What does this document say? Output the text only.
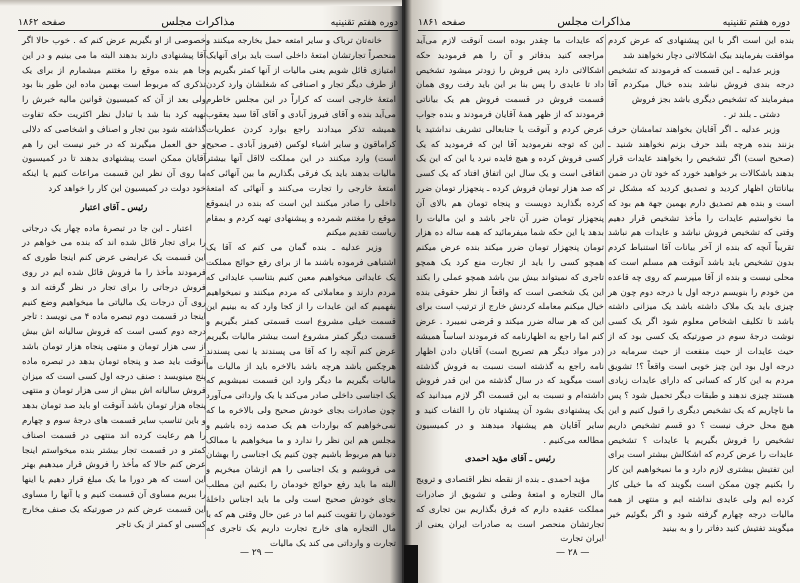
دوره هفتم تقنینیه
مذاکرات مجلس
صفحه ۱۸۶۲

خانه‌تان ترباک و سایر امتعه حمل بخارجه میکنند و منحصراً تجارتشان امتعهٔ داخلی است باید برای آنهایک امتیازی قائل شویم یعنی مالیات از آنها کمتر بگیریم و از طرف دیگر تجار و اصنافی که شغلشان وارد کردن امتعهٔ خارجی است که کراراً در این مجلس خاطرم می‌آید بنده و آقای فیروز آبادی و آقای آقا سید یعقوب همیشه تذکر میدادند راجع بوارد کردن عطریات کراماقون و سایر اشیاء لوکس (فیروز آبادی ـ صحیح است) وارد میکنند در این مملکت لااقل آنها بیشتر مالیات بدهند باید یک فرقی بگذاریم ما بین آنهائی که امتعهٔ خارجی را تجارت می‌کنند و آنهائی که امتعهٔ داخلی را صادر میکنند این است که بنده در اینموقع موقع را مغتنم شمرده و پیشنهادی تهیه کردم و بمقام ریاست تقدیم میکنم

وزیر عدلیه ـ بنده گمان می کنم که آقا یک اشتباهی فرموده باشند ما از برای رفع حوائج مملکت یک عایداتی میخواهیم معین کنیم بتناسب عایداتی که مردم دارند و معاملاتی که مردم میکنند و نمیخواهیم بفهمیم که این عایدات را از کجا وارد که به بینیم این قسمت خیلی مشروع است قسمتی کمتر بگیریم و قسمت دیگر کمتر مشروع است بیشتر مالیات بگیریم عرض کنم آنچه را که آقا می پسندند یا نمی پسندند هرچکس باشد هرچه باشد بالاخره باید از مالیات ما مالیات بگیریم ما دیگر وارد این قسمت نمیشویم که یک اجناسی داخلی صادر می‌کند یا یک وارداتی می‌آورد چون صادرات بجای خودش صحیح ولی بالاخره ما که نمی‌خواهیم که بواردات هم یک صدمه زده باشیم و مجلس هم این نظر را ندارد و ما میخواهیم با ممالک دنیا هم مربوط باشیم چون کنیم یک اجناسی را بهشان می فروشیم و یک اجناسی را هم ازشان میخریم و البته ما باید رفع حوائج خودمان را بکنیم این مطلب بجای خودش صحیح است ولی ما باید اجناس داخلهٔ خودمان را تقویت کنیم اما در عین حال وقتی هم که با مال التجاره های خارج تجارت داریم یک تاجری که تجارت و وارداتی می کند یک مالیات

خصوصی از او بگیریم عرض کنم که . خوب حالا اگر آقا پیشنهادی دارند بدهند البته ما می بینیم و در این جا هم بنده موقع را مغتنم میشمارم از برای یک تذکری که مربوط است بهمین ماده این طور بنا بود ولی بعد از آن که کمیسیون قوانین مالیه خبرش را تهیه کرد بنا شد با تبادل نظر اکثریت حکه تفاوت گذاشته شود بین تجار و اصناف و اشخاصی که دلالی و حق العمل میگیرند که در خبر نیست این را هم آقایان ممکن است پیشنهادی بدهند تا در کمیسیون ما روی آن نظر این قسمت مراعات کنیم یا اینکه خود دولت در کمیسیون این کار را خواهد کرد

رئیس ـ آقای اعتبار

اعتبار ـ این جا در تبصرهٔ ماده چهار یک درجاتی را برای تجار قائل شده اند که بنده می خواهم در این قسمت یک عرایضی عرض کنم اینجا طوری که فرمودند مأخذ را ما فروش قائل شده ایم در روی فروش درجاتی را برای تجار در نظر گرفته اند و روی آن درجات یک مالیاتی ما میخواهیم وضع کنیم اینجا در قسمت دوم تبصره ماده ۴ می نویسد : تاجر درجه دوم کسی است که فروش سالیانه اش بیش از سی هزار تومان و منتهی پنجاه هزار تومان باشد آنوقت باید صد و پنجاه تومان بدهد در تبصره ماده پنج مینویسد : صنف درجه اول کسی است که میزان فروش سالیانه اش بیش از سی هزار تومان و منتهی پنجاه هزار تومان باشد آنوقت او باید صد تومان بدهد و باین تناسب سایر قسمت های درجهٔ سوم و چهارم را هم رعایت کرده اند منتهی در قسمت اصناف کمتر و در قسمت تجار بیشتر بنده میخواستم اینجا عرض کنم حالا که مأخذ را فروش قرار میدهیم بهتر این است که هر دورا ما یک مبلغ قرار دهیم یا اینها را ببریم مساوی آن قسمت کنیم و یا آنها را مساوی این قسمت عرض کنم در صورتیکه یک صنف مخارج کسبی او کمتر از یک تاجر

— ۲۹ —
دوره هفتم تقنینیه
مذاکرات مجلس
صفحه ۱۸۶۱

بنده این است اگر با این پیشنهادی که عرض کردم موافقت بفرمایند بیک اشکالاتی دچار نخواهند شد

وزیر عدلیه ـ این قسمت که فرمودند که تشخیص درجه بندی فروش نباشد بنده خیال میکردم آقا میفرمایند که تشخیص دیگری باشد بجز فروش

دشتی ـ بلند تر .

وزیر عدلیه ـ اگر آقایان بخواهند تمامشان حرف بزنند بنده هرچه بلند حرف بزنم نخواهند شنید ـ (صحیح است) اگر تشخیص را بخواهند عایدات قرار بدهند باشکالات بر خواهید خورد که خود تان در ضمن بیاناتتان اظهار کردید و تصدیق کردید که مشکل تر است و بنده هم تصدیق دارم بهمین جهة هم بود که ما نخواستیم عایدات را مأخذ تشخیص قرار دهیم وقتی که تشخیص فروش نباشد و عایدات هم نباشد تقریباً آنچه که بنده از آخر بیانات آقا استنباط کردم بدون تشخیص باید باشد آنوقت هم مسلم است که محلی نیست و بنده از آقا میپرسم که روی چه قاعده من خودم را بنویسم درجه اول یا درجه دوم چون هر چیزی باید یک ملاک داشته باشد یک میزانی داشته باشد تا تکلیف اشخاص معلوم شود اگر یک کسی نوشت درجهٔ سوم در صورتیکه یک کسی بود که از حیث عایدات از حیث منفعت از حیث سرمایه در درجه اول بود این چیز خوبی است واقعاً ؟! تشویق مردم به این کار که کسانی که دارای عایدات زیادی هستند چیزی ندهند و طبقات دیگر تحمیل شود ؟ پس ما ناچاریم که یک تشخیص دیگری را قبول کنیم و این هیچ محل حرف نیست ؟ دو قسم تشخیص داریم تشخیص را فروش بگیریم یا عایدات ؟ تشخیص عایدات را عرض کردم که اشکالش بیشتر است برای این تفتیش بیشتری لازم دارد و ما نمیخواهیم این کار را بکنیم چون ممکن است بگویند که ما خیلی کار کرده ایم ولی عایدی نداشته ایم و منتهی از همه مالیات درجه چهارم گرفته شود و اگر بگوئیم خیر میگویند تفتیش کنید دفاتر را و به بینید

که عایدات ما چقدر بوده است آنوقت لازم می‌آید مراجعه کنید بدفاتر و آن را هم فرمودید حکه اشکالاتی دارد پس فروش را زودتر میشود تشخیص داد تا عایدی را پس بنا بر این باید رفت روی همان قسمت فروش در قسمت فروش هم یک بیاناتی فرمودند که از ظهر همهٔ آقایان فرمودند و بنده جواب عرض کردم و آنوقت یا جنابعالی تشریف نداشتید یا این که توجه نفرمودید آقا این که فرمودید که یک کسی فروش کرده و هیچ فایده نبرد یا این که این یک اتفاقی است و یک سال این اتفاق افتاد که یک کسی که صد هزار تومان فروش کرده ـ پنجهزار تومان ضرر کرده بگذارید دویست و پنجاه تومان هم بالای آن پنجهزار تومان ضرر آن تاجر باشد و این مالیات را بدهد یا این حکه شما میفرمائید که همه ساله ده هزار تومان پنجهزار تومان ضرر میکند بنده عرض میکنم همچو کسی را باید از تجارت منع کرد یک همچو تاجری که نمیتواند بیش بین باشد همچو عملی را بکند این یک شخصی است که واقعاً از نظر حقوقی بنده خیال میکنم معامله کردنش خارج از ترتیب است برای این که هر ساله ضرر میکند و قرضی نمیبرد . عرض کنم اما راجع به اظهارنامه که فرمودند اساساً همیشه (در مواد دیگر هم تصریح است) آقایان دادن اظهار نامه راجع به گذشته است نسبت به فروش گذشته است میگوید که در سال گذشته من این قدر فروش داشته‌ام و نسبت به این قسمت اگر لازم میدانید که یک پیشنهادی بشود آن پیشنهاد تان را التفات کنید و سایر آقایان هم پیشنهاد میدهند و در کمیسیون مطالعه می‌کنیم .

رئیس ـ آقای مؤید احمدی

مؤید احمدی ـ بنده از نقطه نظر اقتصادی و ترویج مال التجاره و امتعهٔ وطنی و تشویق از صادرات مملکت عقیده دارم که فرق بگذاریم بین تجاری که تجارتشان منحصر است به صادرات ایران یعنی از ایران تجارت

— ۲۸ —
